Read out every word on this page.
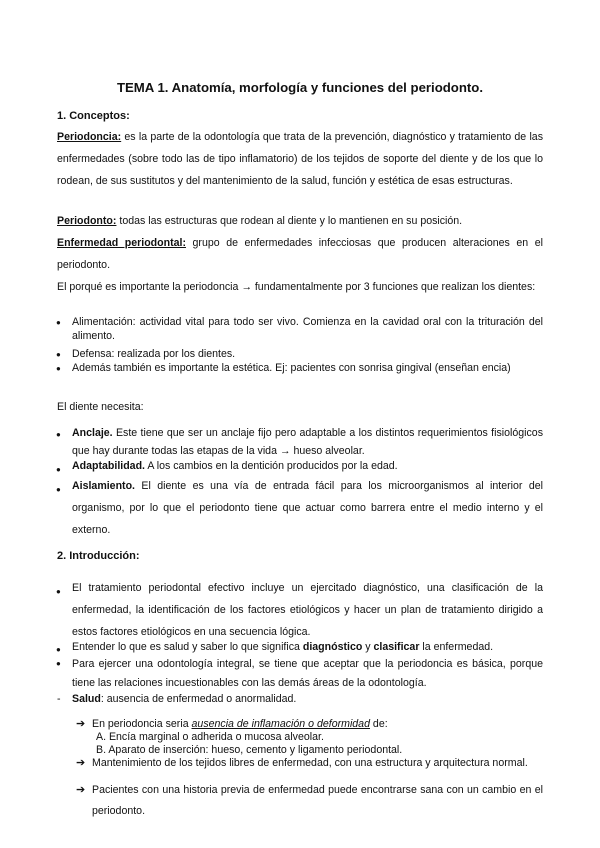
TEMA 1. Anatomía, morfología y funciones del periodonto.
1. Conceptos:
Periodoncia: es la parte de la odontología que trata de la prevención, diagnóstico y tratamiento de las enfermedades (sobre todo las de tipo inflamatorio) de los tejidos de soporte del diente y de los que lo rodean, de sus sustitutos y del mantenimiento de la salud, función y estética de esas estructuras.
Periodonto: todas las estructuras que rodean al diente y lo mantienen en su posición.
Enfermedad periodontal: grupo de enfermedades infecciosas que producen alteraciones en el periodonto.
El porqué es importante la periodoncia → fundamentalmente por 3 funciones que realizan los dientes:
● Alimentación: actividad vital para todo ser vivo. Comienza en la cavidad oral con la trituración del alimento.
● Defensa: realizada por los dientes.
● Además también es importante la estética. Ej: pacientes con sonrisa gingival (enseñan encia)
El diente necesita:
● Anclaje. Este tiene que ser un anclaje fijo pero adaptable a los distintos requerimientos fisiológicos que hay durante todas las etapas de la vida → hueso alveolar.
● Adaptabilidad. A los cambios en la dentición producidos por la edad.
● Aislamiento. El diente es una vía de entrada fácil para los microorganismos al interior del organismo, por lo que el periodonto tiene que actuar como barrera entre el medio interno y el externo.
2. Introducción:
● El tratamiento periodontal efectivo incluye un ejercitado diagnóstico, una clasificación de la enfermedad, la identificación de los factores etiológicos y hacer un plan de tratamiento dirigido a estos factores etiológicos en una secuencia lógica.
● Entender lo que es salud y saber lo que significa diagnóstico y clasificar la enfermedad.
● Para ejercer una odontología integral, se tiene que aceptar que la periodoncia es básica, porque tiene las relaciones incuestionables con las demás áreas de la odontología.
- Salud: ausencia de enfermedad o anormalidad.
➔ En periodoncia seria ausencia de inflamación o deformidad de:
A. Encía marginal o adherida o mucosa alveolar.
B. Aparato de inserción: hueso, cemento y ligamento periodontal.
➔ Mantenimiento de los tejidos libres de enfermedad, con una estructura y arquitectura normal.
➔ Pacientes con una historia previa de enfermedad puede encontrarse sana con un cambio en el periodonto.
